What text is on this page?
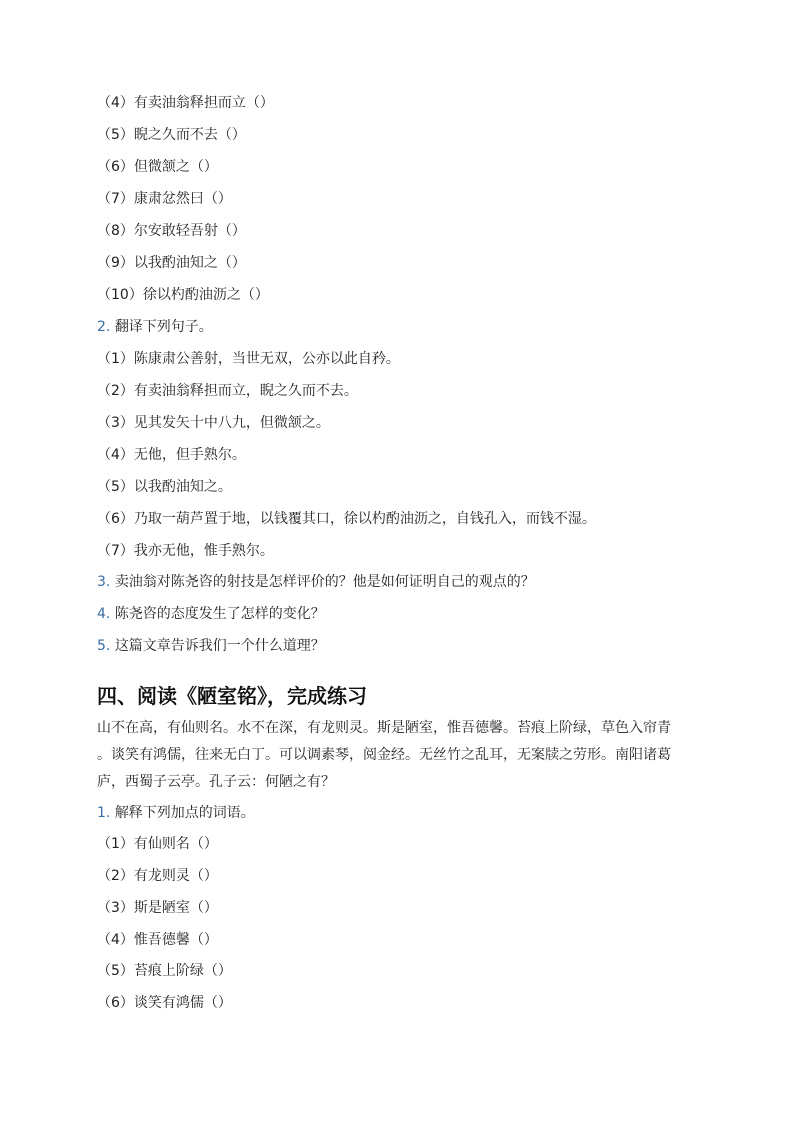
（4）有卖油翁释担而立（）
（5）睨之久而不去（）
（6）但微颔之（）
（7）康肃忿然曰（）
（8）尔安敢轻吾射（）
（9）以我酌油知之（）
（10）徐以杓酌油沥之（）
2. 翻译下列句子。
（1）陈康肃公善射，当世无双，公亦以此自矜。
（2）有卖油翁释担而立，睨之久而不去。
（3）见其发矢十中八九，但微颔之。
（4）无他，但手熟尔。
（5）以我酌油知之。
（6）乃取一葫芦置于地，以钱覆其口，徐以杓酌油沥之，自钱孔入，而钱不湿。
（7）我亦无他，惟手熟尔。
3. 卖油翁对陈尧咨的射技是怎样评价的？他是如何证明自己的观点的？
4. 陈尧咨的态度发生了怎样的变化？
5. 这篇文章告诉我们一个什么道理？
四、阅读《陋室铭》，完成练习
山不在高，有仙则名。水不在深，有龙则灵。斯是陋室，惟吾德馨。苔痕上阶绿，草色入帘青
。谈笑有鸿儒，往来无白丁。可以调素琴，阅金经。无丝竹之乱耳，无案牍之劳形。南阳诸葛
庐，西蜀子云亭。孔子云：何陋之有？
1. 解释下列加点的词语。
（1）有仙则名（）
（2）有龙则灵（）
（3）斯是陋室（）
（4）惟吾德馨（）
（5）苔痕上阶绿（）
（6）谈笑有鸿儒（）
